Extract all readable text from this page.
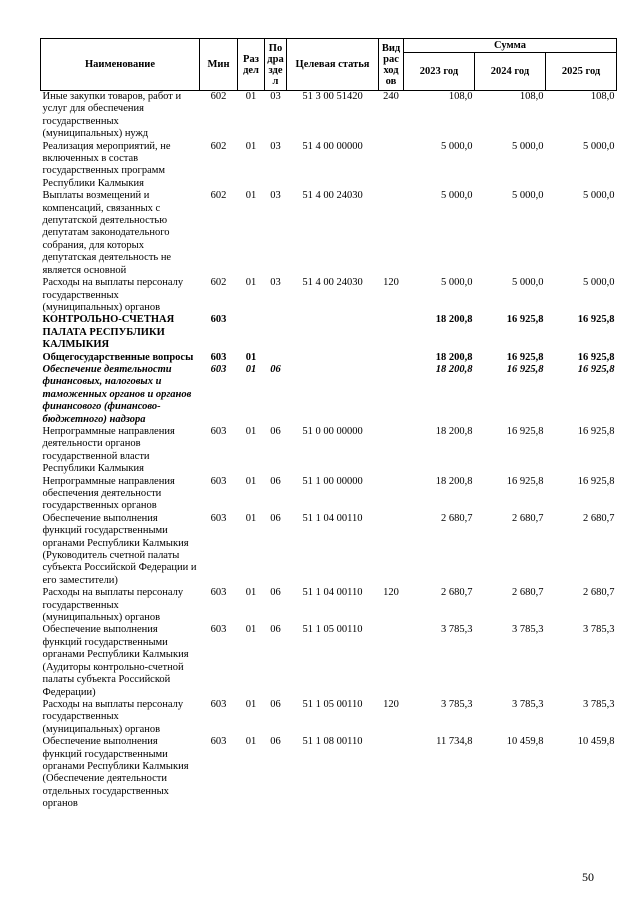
Наименование	Мин	Раз дел	По дра зде л	Целевая статья	Вид рас ход ов	Сумма		
						2023 год	2024 год	2025 год
Иные закупки товаров, работ и услуг для обеспечения государственных (муниципальных) нужд	602	01	03	51 3 00 51420	240	108,0	108,0	108,0
Реализация мероприятий, не включенных в состав государственных программ Республики Калмыкия	602	01	03	51 4 00 00000		5 000,0	5 000,0	5 000,0
Выплаты возмещений и компенсаций, связанных с депутатской деятельностью депутатам законодательного собрания, для которых депутатская деятельность не является основной	602	01	03	51 4 00 24030		5 000,0	5 000,0	5 000,0
Расходы на выплаты персоналу государственных (муниципальных) органов	602	01	03	51 4 00 24030	120	5 000,0	5 000,0	5 000,0
КОНТРОЛЬНО-СЧЕТНАЯ ПАЛАТА РЕСПУБЛИКИ КАЛМЫКИЯ	603					18 200,8	16 925,8	16 925,8
Общегосударственные вопросы	603	01				18 200,8	16 925,8	16 925,8
Обеспечение деятельности финансовых, налоговых и таможенных органов и органов финансового (финансово-бюджетного) надзора	603	01	06			18 200,8	16 925,8	16 925,8
Непрограммные направления деятельности органов государственной власти Республики Калмыкия	603	01	06	51 0 00 00000		18 200,8	16 925,8	16 925,8
Непрограммные направления обеспечения деятельности государственных органов	603	01	06	51 1 00 00000		18 200,8	16 925,8	16 925,8
Обеспечение выполнения функций государственными органами Республики Калмыкия (Руководитель счетной палаты субъекта Российской Федерации и его заместители)	603	01	06	51 1 04 00110		2 680,7	2 680,7	2 680,7
Расходы на выплаты персоналу государственных (муниципальных) органов	603	01	06	51 1 04 00110	120	2 680,7	2 680,7	2 680,7
Обеспечение выполнения функций государственными органами Республики Калмыкия (Аудиторы контрольно-счетной палаты субъекта Российской Федерации)	603	01	06	51 1 05 00110		3 785,3	3 785,3	3 785,3
Расходы на выплаты персоналу государственных (муниципальных) органов	603	01	06	51 1 05 00110	120	3 785,3	3 785,3	3 785,3
Обеспечение выполнения функций государственными органами Республики Калмыкия (Обеспечение деятельности отдельных государственных органов	603	01	06	51 1 08 00110		11 734,8	10 459,8	10 459,8
50
